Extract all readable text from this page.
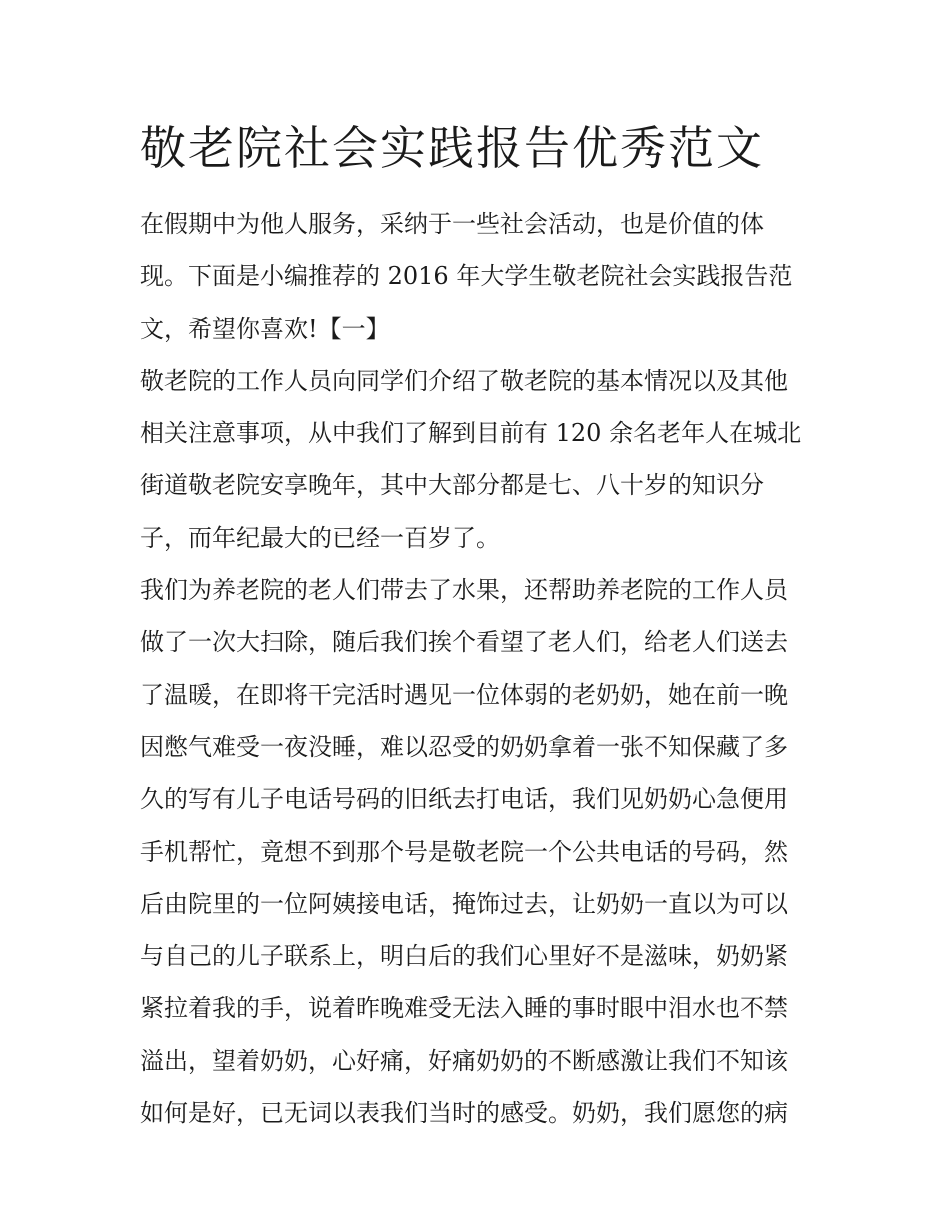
敬老院社会实践报告优秀范文

在假期中为他人服务，采纳于一些社会活动，也是价值的体
现。下面是小编推荐的 2016 年大学生敬老院社会实践报告范
文，希望你喜欢!【一】

敬老院的工作人员向同学们介绍了敬老院的基本情况以及其他
相关注意事项，从中我们了解到目前有 120 余名老年人在城北
街道敬老院安享晚年，其中大部分都是七、八十岁的知识分
子，而年纪最大的已经一百岁了。

我们为养老院的老人们带去了水果，还帮助养老院的工作人员
做了一次大扫除，随后我们挨个看望了老人们，给老人们送去
了温暖，在即将干完活时遇见一位体弱的老奶奶，她在前一晚
因憋气难受一夜没睡，难以忍受的奶奶拿着一张不知保藏了多
久的写有儿子电话号码的旧纸去打电话，我们见奶奶心急便用
手机帮忙，竟想不到那个号是敬老院一个公共电话的号码，然
后由院里的一位阿姨接电话，掩饰过去，让奶奶一直以为可以
与自己的儿子联系上，明白后的我们心里好不是滋味，奶奶紧
紧拉着我的手，说着昨晚难受无法入睡的事时眼中泪水也不禁
溢出，望着奶奶，心好痛，好痛奶奶的不断感激让我们不知该
如何是好，已无词以表我们当时的感受。奶奶，我们愿您的病
